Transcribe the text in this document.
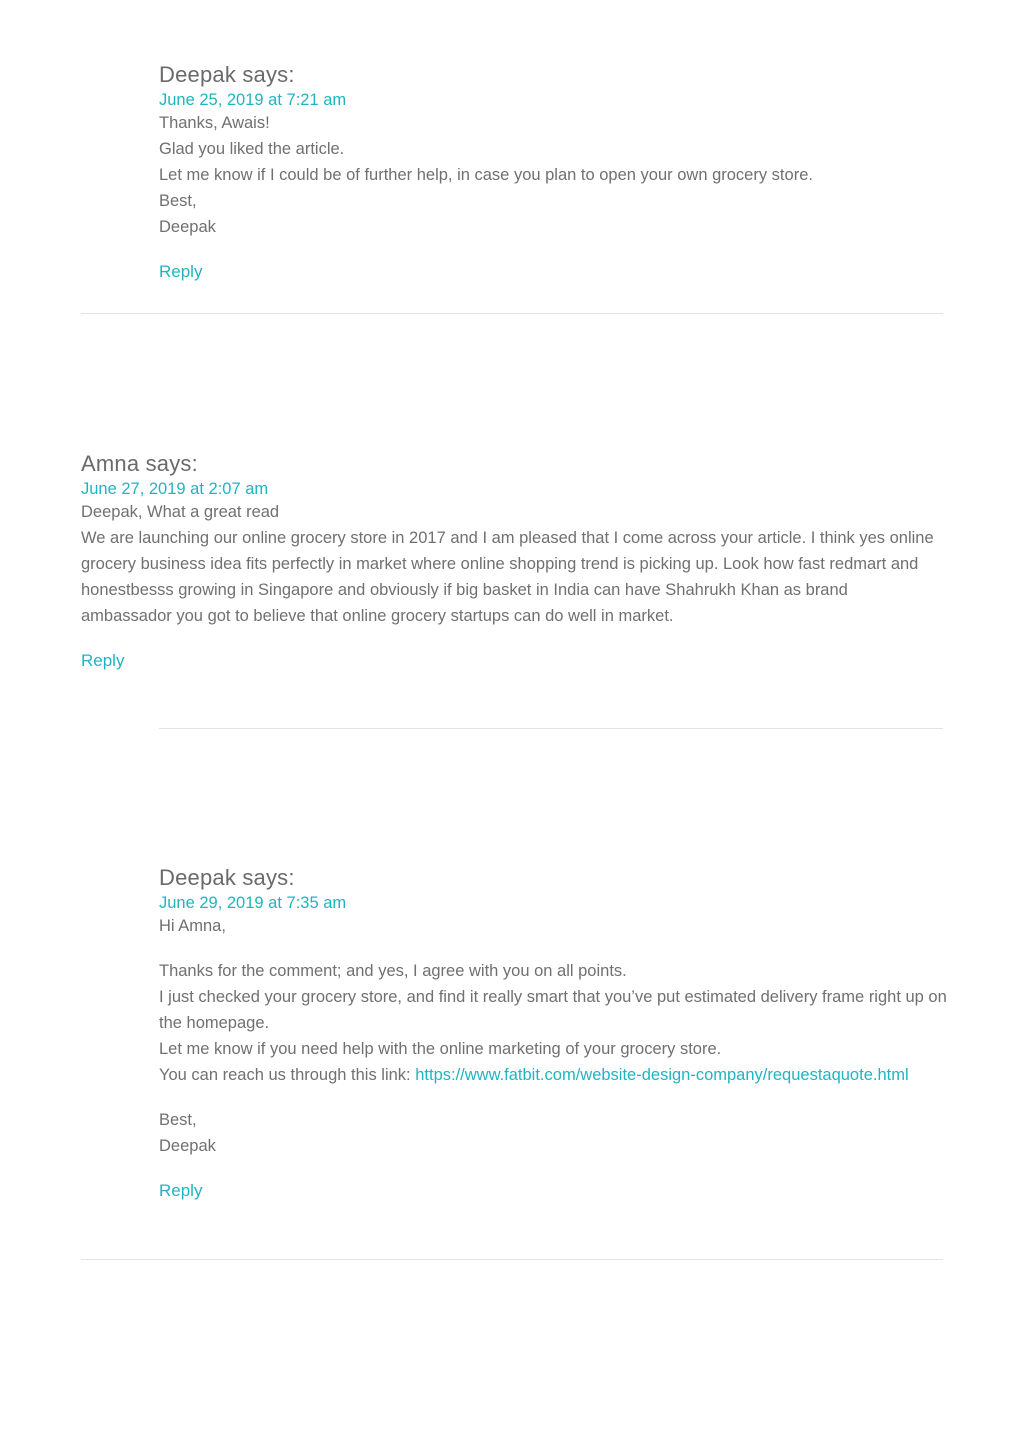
Deepak says:
June 25, 2019 at 7:21 am

Thanks, Awais!

Glad you liked the article.

Let me know if I could be of further help, in case you plan to open your own grocery store.

Best,

Deepak

Reply
Amna says:
June 27, 2019 at 2:07 am

Deepak, What a great read

We are launching our online grocery store in 2017 and I am pleased that I come across your article. I think yes online grocery business idea fits perfectly in market where online shopping trend is picking up. Look how fast redmart and honestbesss growing in Singapore and obviously if big basket in India can have Shahrukh Khan as brand ambassador you got to believe that online grocery startups can do well in market.

Reply
Deepak says:
June 29, 2019 at 7:35 am

Hi Amna,

Thanks for the comment; and yes, I agree with you on all points.

I just checked your grocery store, and find it really smart that you’ve put estimated delivery frame right up on the homepage.

Let me know if you need help with the online marketing of your grocery store.

You can reach us through this link: https://www.fatbit.com/website-design-company/requestaquote.html

Best,

Deepak

Reply
